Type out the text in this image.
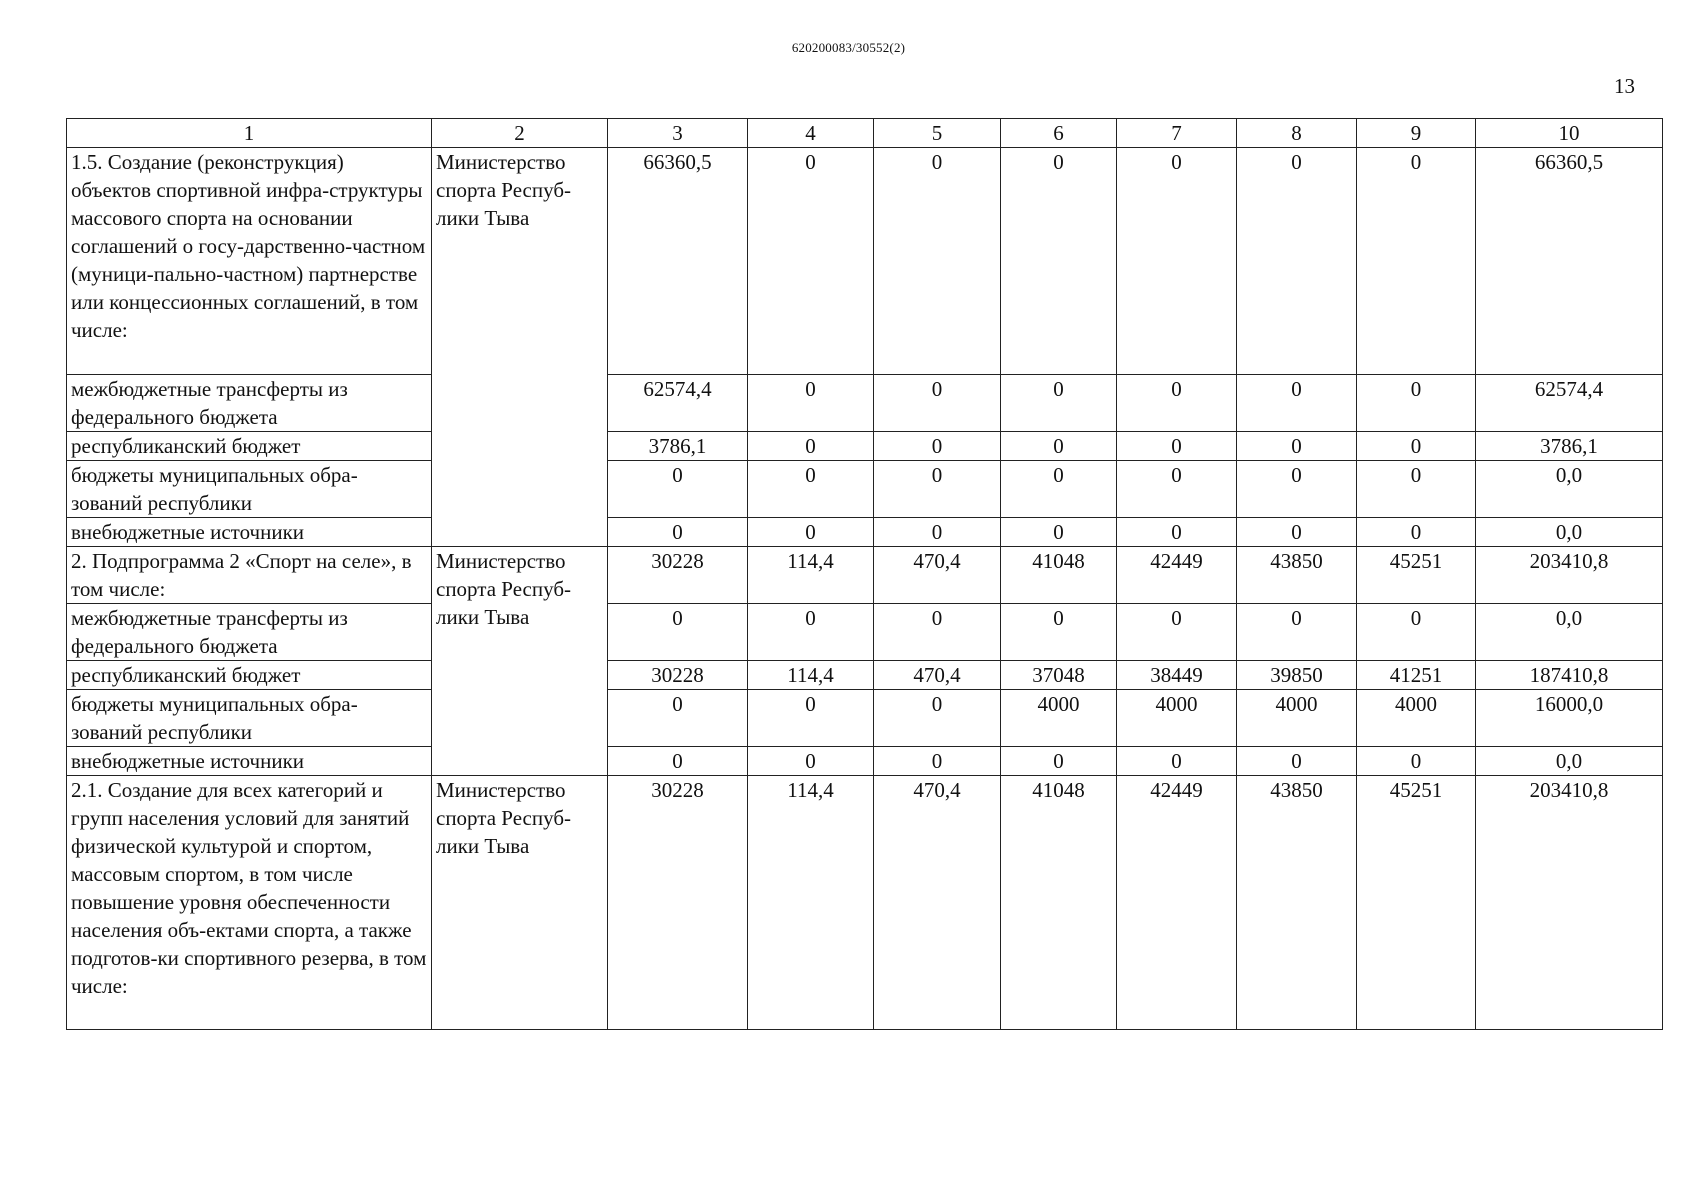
620200083/30552(2)
13
1	2	3	4	5	6	7	8	9	10
1.5. Создание (реконструкция) объектов спортивной инфра-структуры массового спорта на основании соглашений о госу-дарственно-частном (муници-пально-частном) партнерстве или концессионных соглашений, в том числе:	Министерство спорта Респуб-лики Тыва	66360,5	0	0	0	0	0	0	66360,5
межбюджетные трансферты из федерального бюджета		62574,4	0	0	0	0	0	0	62574,4
республиканский бюджет		3786,1	0	0	0	0	0	0	3786,1
бюджеты муниципальных обра-зований республики		0	0	0	0	0	0	0	0,0
внебюджетные источники		0	0	0	0	0	0	0	0,0
2. Подпрограмма 2 «Спорт на селе», в том числе:	Министерство спорта Респуб-лики Тыва	30228	114,4	470,4	41048	42449	43850	45251	203410,8
межбюджетные трансферты из федерального бюджета		0	0	0	0	0	0	0	0,0
республиканский бюджет		30228	114,4	470,4	37048	38449	39850	41251	187410,8
бюджеты муниципальных обра-зований республики		0	0	0	4000	4000	4000	4000	16000,0
внебюджетные источники		0	0	0	0	0	0	0	0,0
2.1. Создание для всех категорий и групп населения условий для занятий физической культурой и спортом, массовым спортом, в том числе повышение уровня обеспеченности населения объ-ектами спорта, а также подготов-ки спортивного резерва, в том числе:	Министерство спорта Респуб-лики Тыва	30228	114,4	470,4	41048	42449	43850	45251	203410,8
